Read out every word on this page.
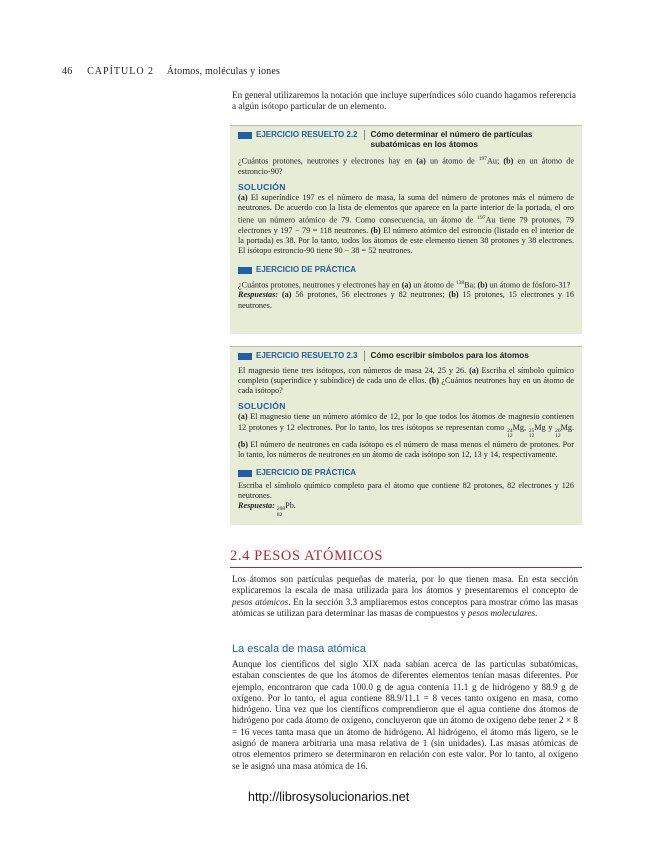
46 CAPÍTULO 2 Átomos, moléculas y iones
En general utilizaremos la notación que incluye superíndices sólo cuando hagamos referencia a algún isótopo particular de un elemento.
EJERCICIO RESUELTO 2.2	Cómo determinar el número de partículas subatómicas en los átomos

¿Cuántos protones, neutrones y electrones hay en (a) un átomo de $^{197}$Au; (b) en un átomo de estroncio-90?

SOLUCIÓN

(a) El superíndice 197 es el número de masa, la suma del número de protones más el número de neutrones. De acuerdo con la lista de elementos que aparece en la parte interior de la portada, el oro tiene un número atómico de 79. Como consecuencia, un átomo de $^{197}$Au tiene 79 protones, 79 electrones y 197 − 79 = 118 neutrones. (b) El número atómico del estroncio (listado en el interior de la portada) es 38. Por lo tanto, todos los átomos de este elemento tienen 38 protones y 38 electrones. El isótopo estroncio-90 tiene 90 − 38 = 52 neutrones.

EJERCICIO DE PRÁCTICA

¿Cuántos protones, neutrones y electrones hay en (a) un átomo de $^{138}$Ba; (b) un átomo de fósforo-31?

Respuestas: (a) 56 protones, 56 electrones y 82 neutrones; (b) 15 protones, 15 electrones y 16 neutrones.

EJERCICIO RESUELTO 2.3	Cómo escribir símbolos para los átomos

El magnesio tiene tres isótopos, con números de masa 24, 25 y 26. (a) Escriba el símbolo químico completo (superíndice y subíndice) de cada uno de ellos. (b) ¿Cuántos neutrones hay en un átomo de cada isótopo?

SOLUCIÓN

(a) El magnesio tiene un número atómico de 12, por lo que todos los átomos de magnesio contienen 12 protones y 12 electrones. Por lo tanto, los tres isótopos se representan como 24
12
Mg, 25
12
Mg y 26
12
Mg. (b) El número de neutrones en cada isótopo es el número de masa menos el número de protones. Por lo tanto, los números de neutrones en un átomo de cada isótopo son 12, 13 y 14, respectivamente.

EJERCICIO DE PRÁCTICA

Escriba el símbolo químico completo para el átomo que contiene 82 protones, 82 electrones y 126 neutrones.

Respuesta: 208
82
Pb.

2.4 PESOS ATÓMICOS
Los átomos son partículas pequeñas de materia, por lo que tienen masa. En esta sección explicaremos la escala de masa utilizada para los átomos y presentaremos el concepto de pesos atómicos. En la sección 3.3 ampliaremos estos conceptos para mostrar cómo las masas atómicas se utilizan para determinar las masas de compuestos y pesos moleculares.
La escala de masa atómica
Aunque los científicos del siglo XIX nada sabían acerca de las partículas subatómicas, estaban conscientes de que los átomos de diferentes elementos tenían masas diferentes. Por ejemplo, encontraron que cada 100.0 g de agua contenía 11.1 g de hidrógeno y 88.9 g de oxígeno. Por lo tanto, el agua contiene 88.9/11.1 = 8 veces tanto oxígeno en masa, como hidrógeno. Una vez que los científicos comprendieron que el agua contiene dos átomos de hidrógeno por cada átomo de oxígeno, concluyeron que un átomo de oxígeno debe tener 2 × 8 = 16 veces tanta masa que un átomo de hidrógeno. Al hidrógeno, el átomo más ligero, se le asignó de manera arbitraria una masa relativa de 1 (sin unidades). Las masas atómicas de otros elementos primero se determinaron en relación con este valor. Por lo tanto, al oxígeno se le asignó una masa atómica de 16.
http://librosysolucionarios.net
